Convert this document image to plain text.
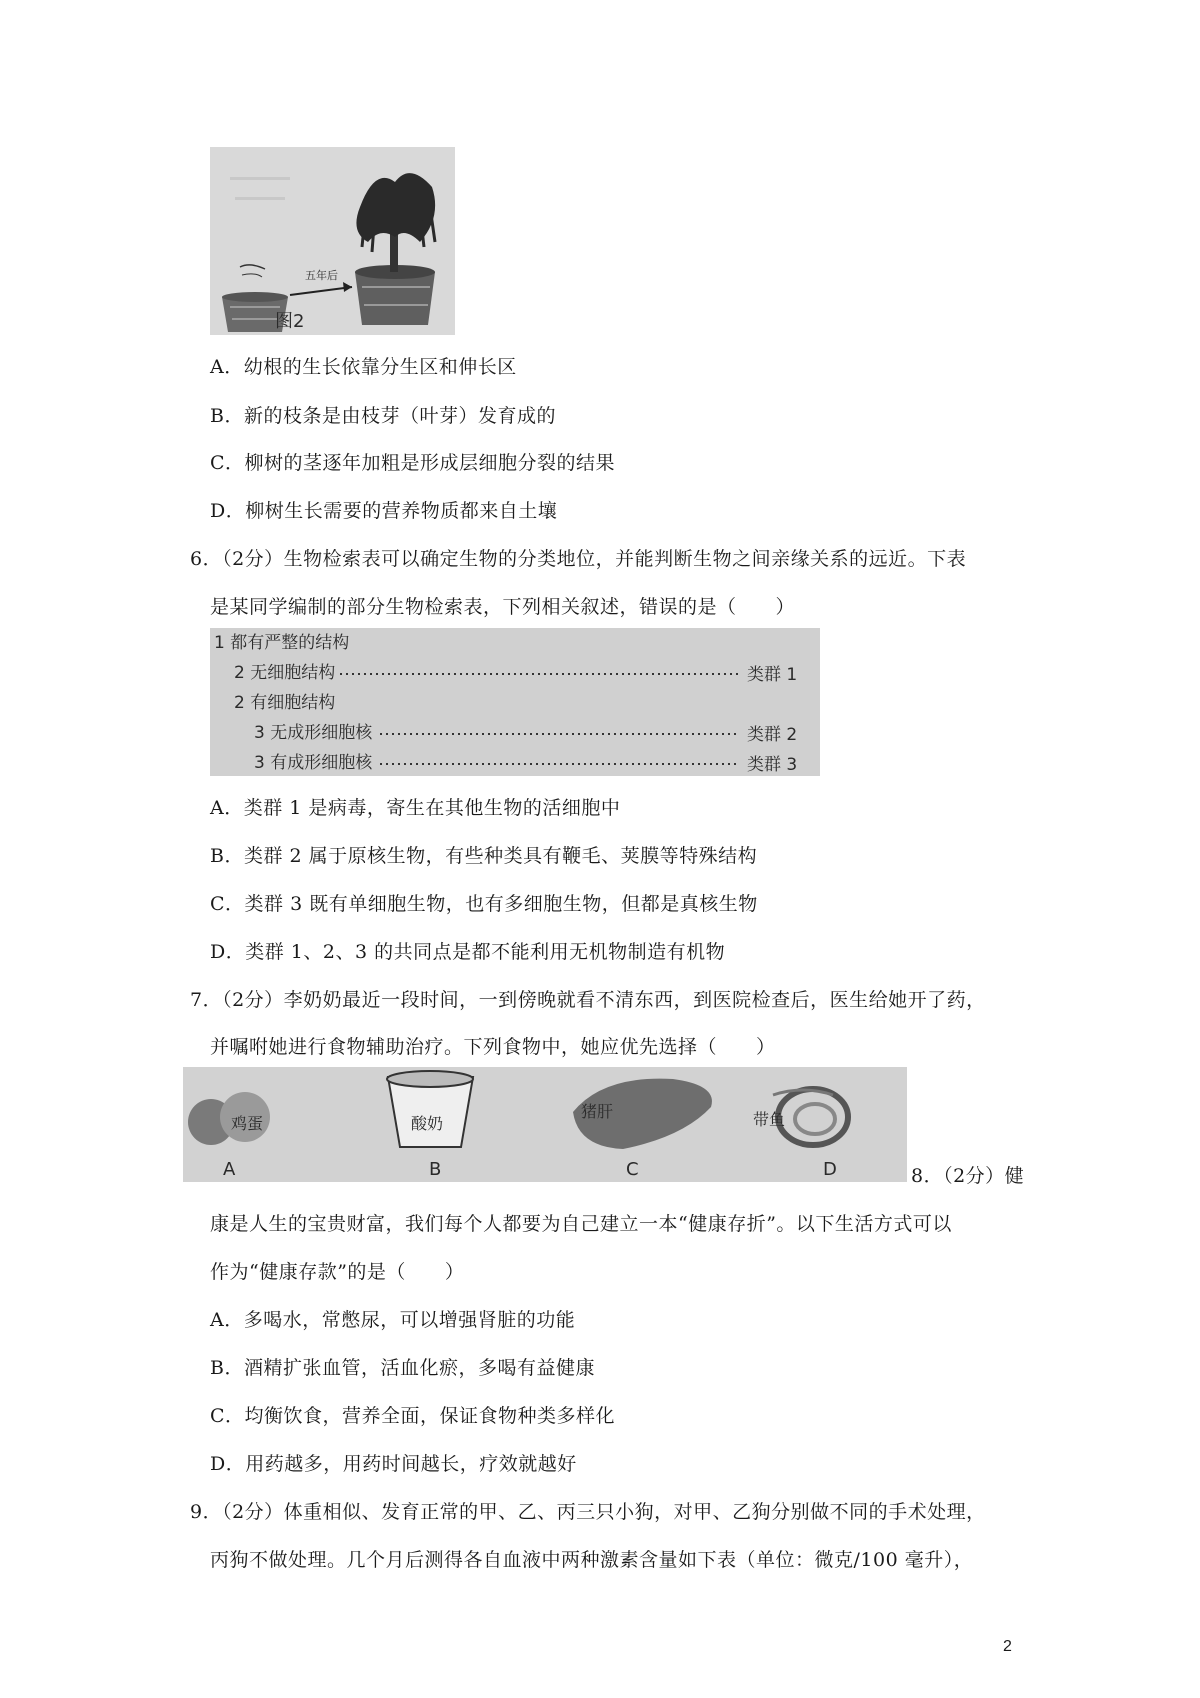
五年后
图2
A．幼根的生长依靠分生区和伸长区
B．新的枝条是由枝芽（叶芽）发育成的
C．柳树的茎逐年加粗是形成层细胞分裂的结果
D．柳树生长需要的营养物质都来自土壤
6．（2分）生物检索表可以确定生物的分类地位，并能判断生物之间亲缘关系的远近。下表
是某同学编制的部分生物检索表，下列相关叙述，错误的是（　　）
1 都有严整的结构
2 无细胞结构	类群 1
2 有细胞结构
3 无成形细胞核	类群 2
3 有成形细胞核	类群 3
A．类群 1 是病毒，寄生在其他生物的活细胞中
B．类群 2 属于原核生物，有些种类具有鞭毛、荚膜等特殊结构
C．类群 3 既有单细胞生物，也有多细胞生物，但都是真核生物
D．类群 1、2、3 的共同点是都不能利用无机物制造有机物
7．（2分）李奶奶最近一段时间，一到傍晚就看不清东西，到医院检查后，医生给她开了药，
并嘱咐她进行食物辅助治疗。下列食物中，她应优先选择（　　）
鸡蛋
A
酸奶
B
猪肝
C
带鱼
D	8．（2分）健
康是人生的宝贵财富，我们每个人都要为自己建立一本“健康存折”。以下生活方式可以
作为“健康存款”的是（　　）
A．多喝水，常憋尿，可以增强肾脏的功能
B．酒精扩张血管，活血化瘀，多喝有益健康
C．均衡饮食，营养全面，保证食物种类多样化
D．用药越多，用药时间越长，疗效就越好
9．（2分）体重相似、发育正常的甲、乙、丙三只小狗，对甲、乙狗分别做不同的手术处理，
丙狗不做处理。几个月后测得各自血液中两种激素含量如下表（单位：微克/100 毫升），
2
